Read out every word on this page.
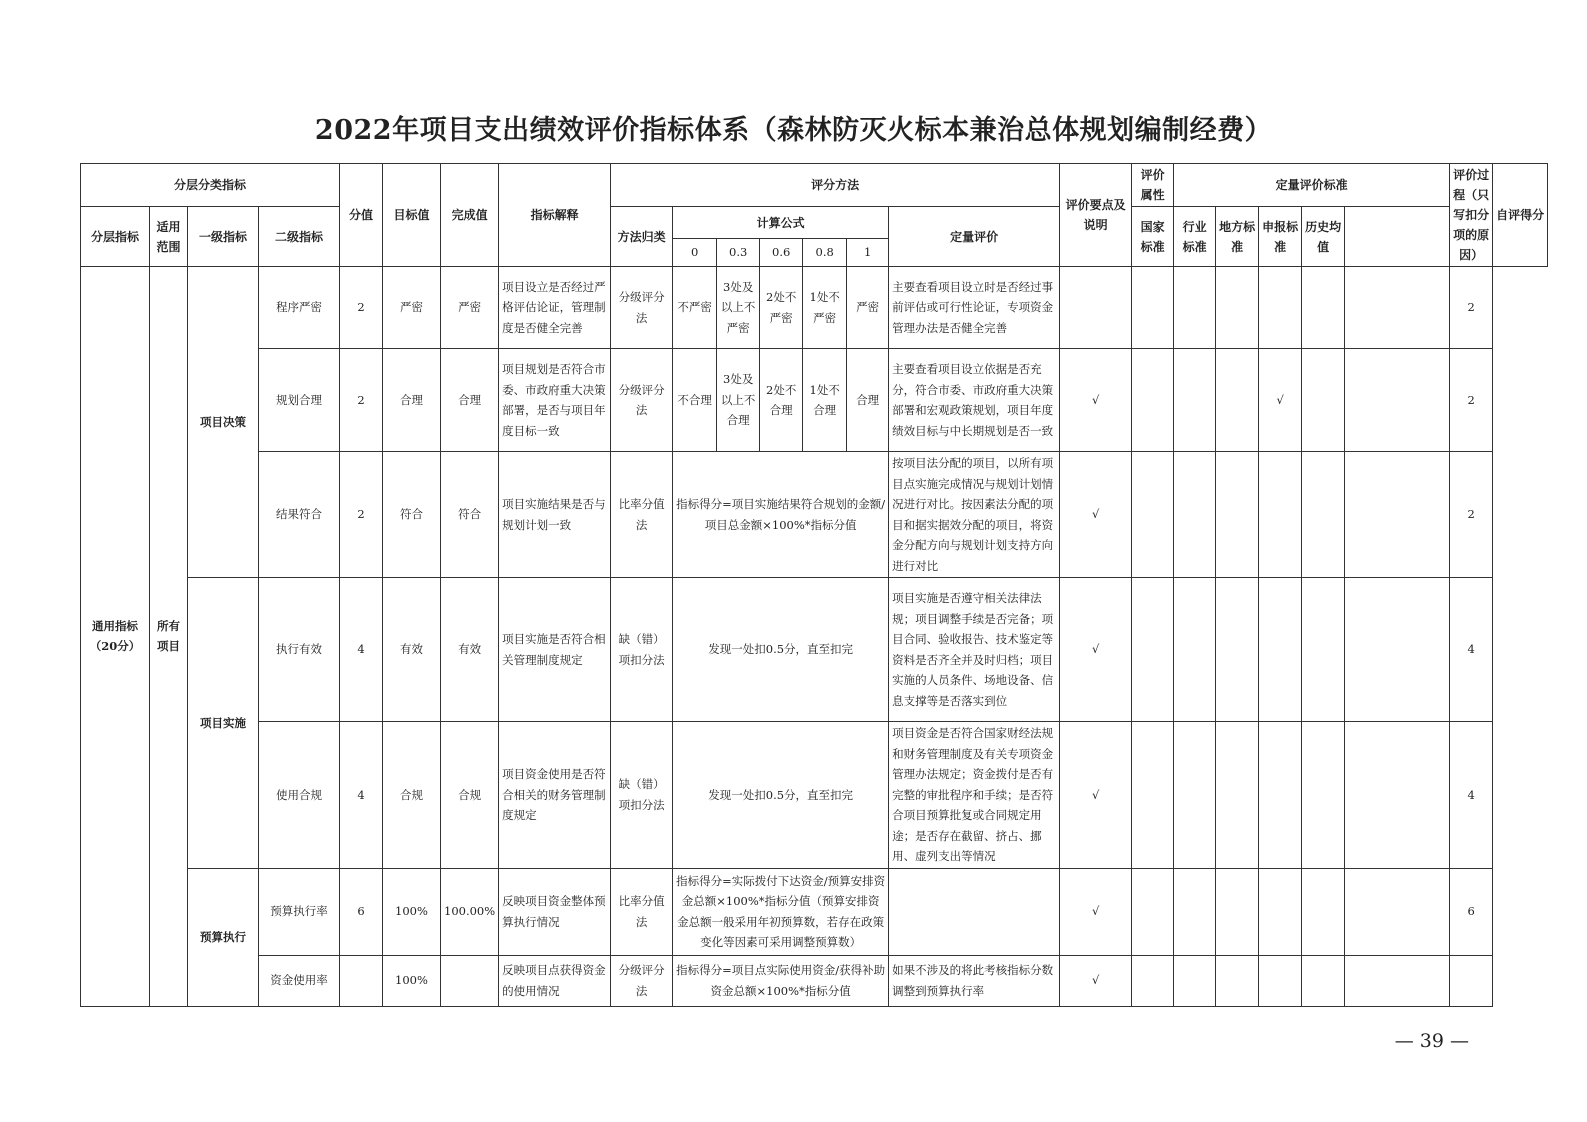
2022年项目支出绩效评价指标体系（森林防灭火标本兼治总体规划编制经费）
分层分类指标				分值	目标值	完成值	指标解释	评分方法							评价要点及说明	评价属性	定量评价标准					评价过程（只写扣分项的原因）	自评得分
分层指标	适用范围	一级指标	二级指标					方法归类	计算公式					定量评价		国家标准	行业标准	地方标准	申报标准	历史均值			
									0	0.3	0.6	0.8	1										
通用指标（20分）	所有项目	项目决策	程序严密	2	严密	严密	项目设立是否经过严格评估论证，管理制度是否健全完善	分级评分法	不严密	3处及以上不严密	2处不严密	1处不严密	严密	主要查看项目设立时是否经过事前评估或可行性论证，专项资金管理办法是否健全完善								2	
			规划合理	2	合理	合理	项目规划是否符合市委、市政府重大决策部署，是否与项目年度目标一致	分级评分法	不合理	3处及以上不合理	2处不合理	1处不合理	合理	主要查看项目设立依据是否充分，符合市委、市政府重大决策部署和宏观政策规划，项目年度绩效目标与中长期规划是否一致	√				√			2	
			结果符合	2	符合	符合	项目实施结果是否与规划计划一致	比率分值法	指标得分=项目实施结果符合规划的金额/项目总金额×100%*指标分值					按项目法分配的项目，以所有项目点实施完成情况与规划计划情况进行对比。按因素法分配的项目和据实据效分配的项目，将资金分配方向与规划计划支持方向进行对比	√							2	
		项目实施	执行有效	4	有效	有效	项目实施是否符合相关管理制度规定	缺（错）项扣分法	发现一处扣0.5分，直至扣完					项目实施是否遵守相关法律法规；项目调整手续是否完备；项目合同、验收报告、技术鉴定等资料是否齐全并及时归档；项目实施的人员条件、场地设备、信息支撑等是否落实到位	√							4	
			使用合规	4	合规	合规	项目资金使用是否符合相关的财务管理制度规定	缺（错）项扣分法	发现一处扣0.5分，直至扣完					项目资金是否符合国家财经法规和财务管理制度及有关专项资金管理办法规定；资金拨付是否有完整的审批程序和手续；是否符合项目预算批复或合同规定用途；是否存在截留、挤占、挪用、虚列支出等情况	√							4	
		预算执行	预算执行率	6	100%	100.00%	反映项目资金整体预算执行情况	比率分值法	指标得分=实际拨付下达资金/预算安排资金总额×100%*指标分值（预算安排资金总额一般采用年初预算数，若存在政策变化等因素可采用调整预算数）						√							6	
			资金使用率		100%		反映项目点获得资金的使用情况	分级评分法	指标得分=项目点实际使用资金/获得补助资金总额×100%*指标分值					如果不涉及的将此考核指标分数调整到预算执行率	√								
— 39 —
